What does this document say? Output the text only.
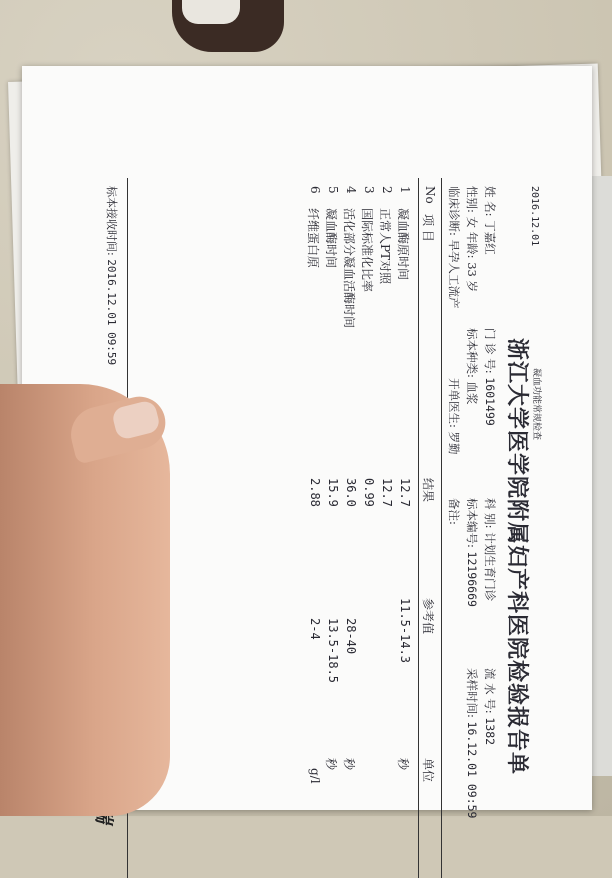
凝血功能常规检查
2016.12.01
浙江大学医学院附属妇产科医院检验报告单
姓 名: 丁嘉红
门 诊 号: 1601499
科 别: 计划生育门诊
流 水 号: 1382
性别: 女 年龄: 33 岁
标本种类: 血浆
标本编号: 12196669
采样时间: 16.12.01 09:59
临床诊断: 早孕人工流产
开单医生: 罗勤
备注:
No
项 目
结果
参考值
单位
1
凝血酶原时间
12.7
11.5-14.3
秒
2
正常人PT对照
12.7
3
国际标准化比率
0.99
4
活化部分凝血活酶时间
36.0
28-40
秒
5
凝血酶时间
15.9
13.5-18.5
秒
6
纤维蛋白原
2.88
2-4
g/l
标本接收时间: 2016.12.01 09:59
